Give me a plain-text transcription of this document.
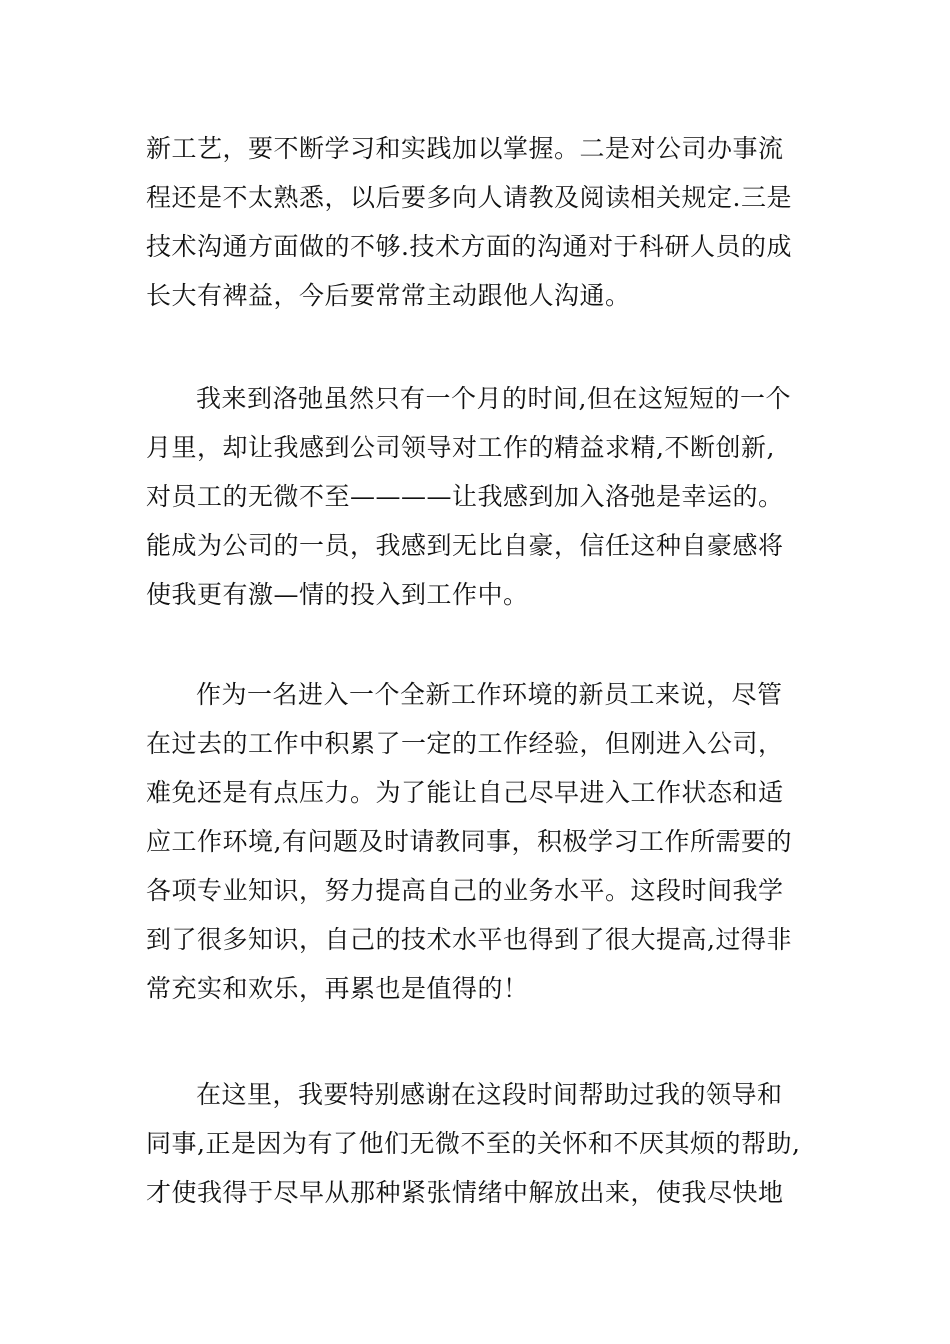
新工艺，要不断学习和实践加以掌握。二是对公司办事流
程还是不太熟悉，以后要多向人请教及阅读相关规定.三是
技术沟通方面做的不够.技术方面的沟通对于科研人员的成
长大有裨益，今后要常常主动跟他人沟通。
我来到洛弛虽然只有一个月的时间,但在这短短的一个
月里，却让我感到公司领导对工作的精益求精,不断创新,
对员工的无微不至————让我感到加入洛弛是幸运的。
能成为公司的一员，我感到无比自豪，信任这种自豪感将
使我更有激—情的投入到工作中。
作为一名进入一个全新工作环境的新员工来说，尽管
在过去的工作中积累了一定的工作经验，但刚进入公司，
难免还是有点压力。为了能让自己尽早进入工作状态和适
应工作环境,有问题及时请教同事，积极学习工作所需要的
各项专业知识，努力提高自己的业务水平。这段时间我学
到了很多知识，自己的技术水平也得到了很大提高,过得非
常充实和欢乐，再累也是值得的！
在这里，我要特别感谢在这段时间帮助过我的领导和
同事,正是因为有了他们无微不至的关怀和不厌其烦的帮助,
才使我得于尽早从那种紧张情绪中解放出来，使我尽快地
